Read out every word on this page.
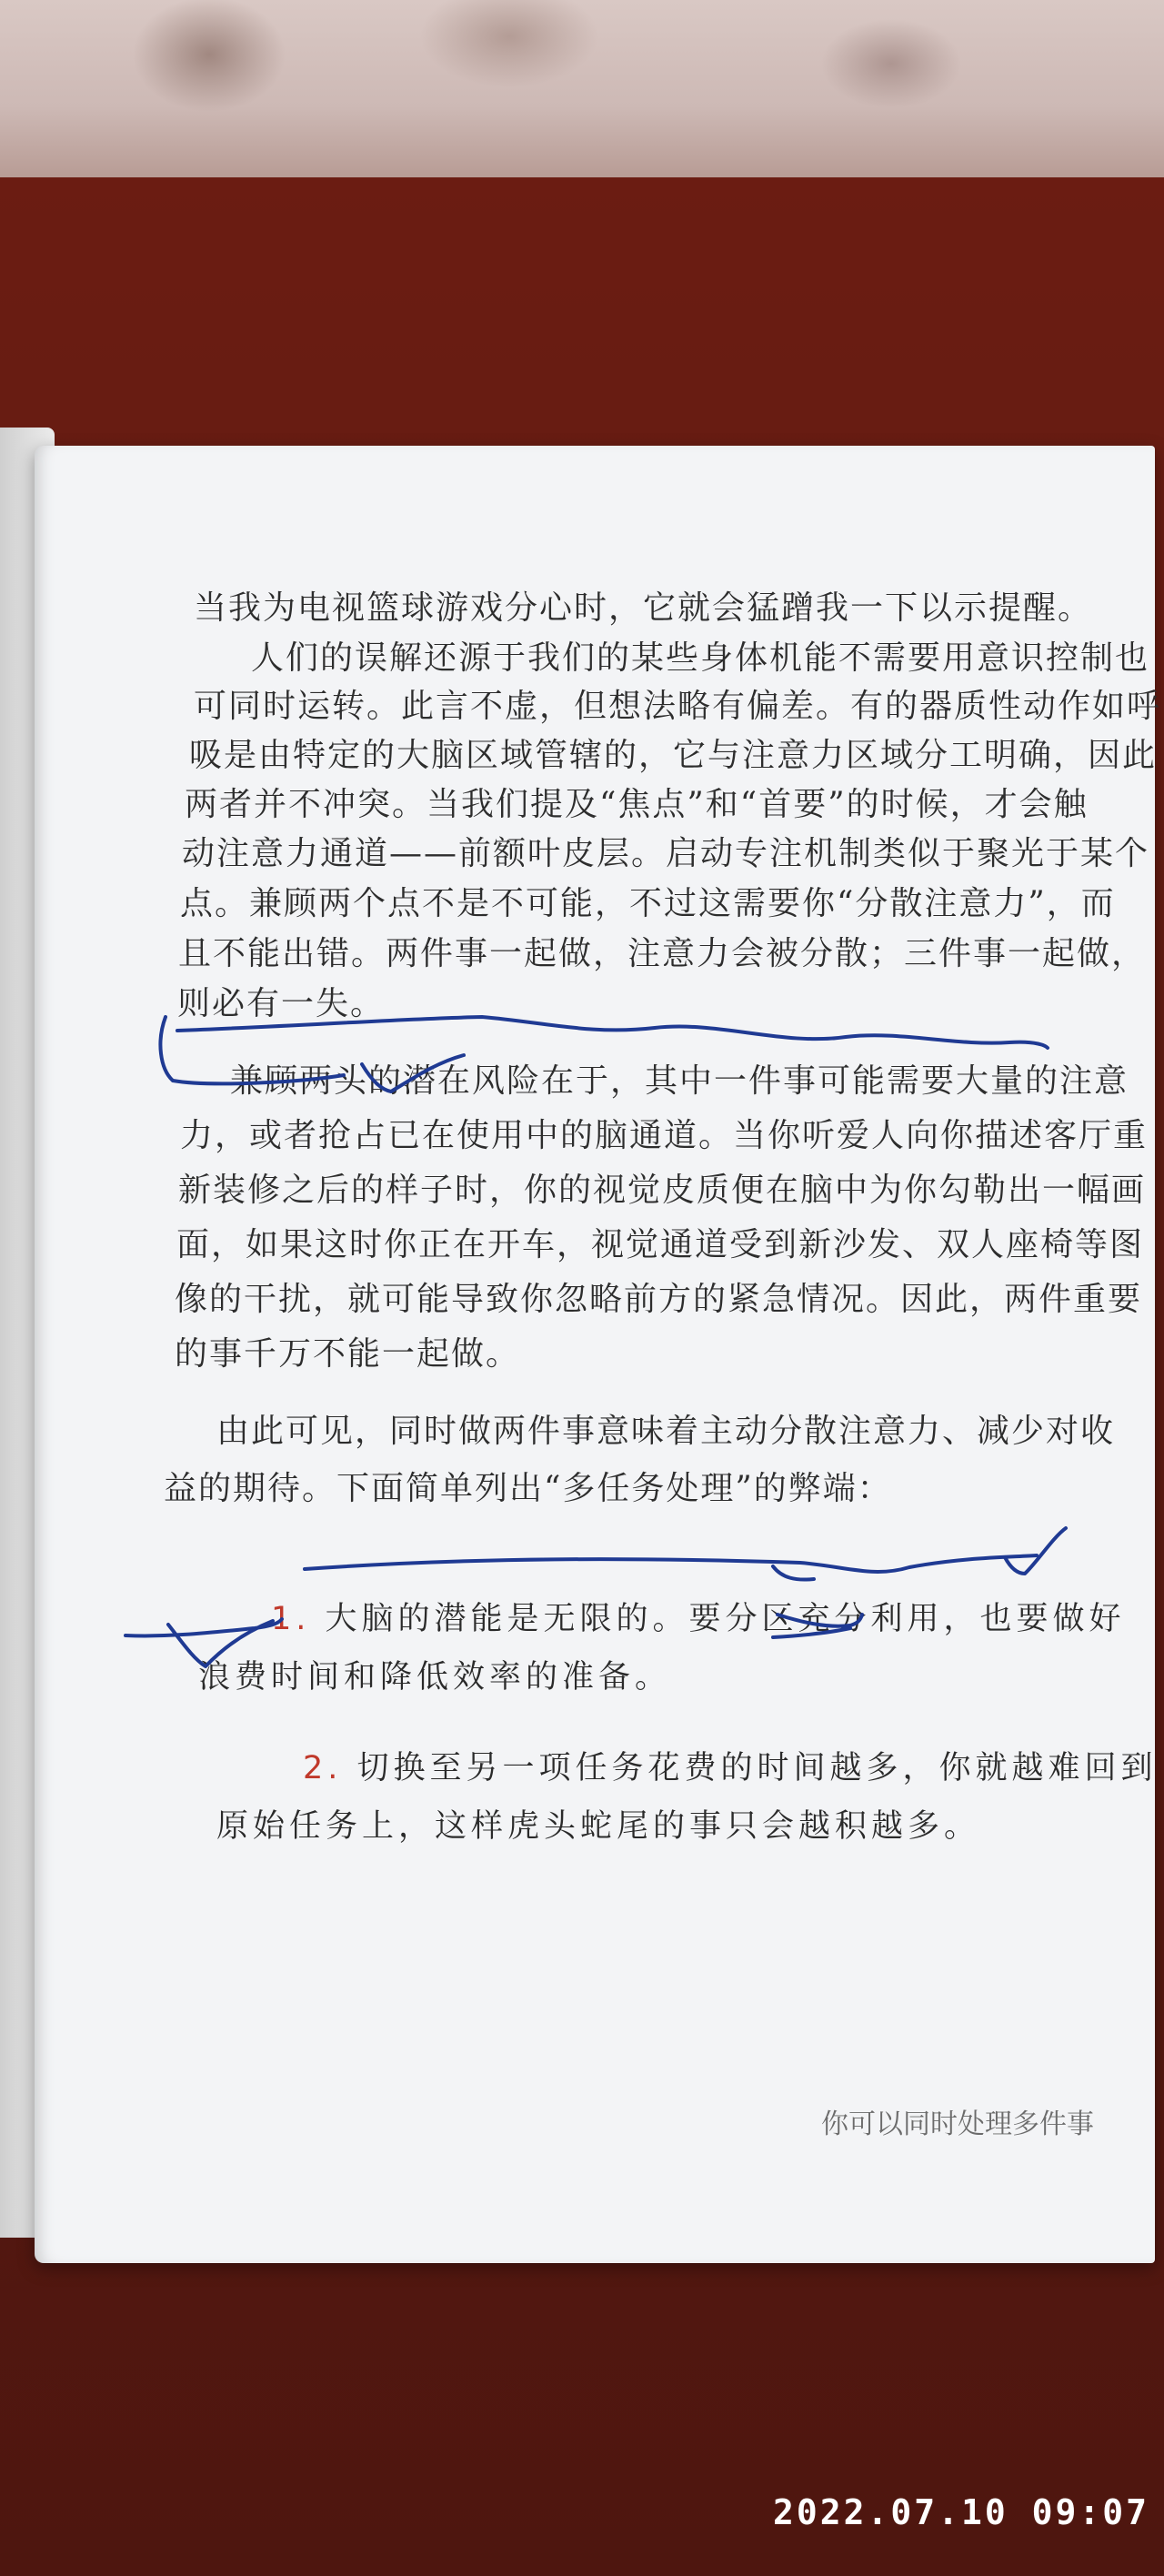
当我为电视篮球游戏分心时，它就会猛蹭我一下以示提醒。
人们的误解还源于我们的某些身体机能不需要用意识控制也
可同时运转。此言不虚，但想法略有偏差。有的器质性动作如呼
吸是由特定的大脑区域管辖的，它与注意力区域分工明确，因此
两者并不冲突。当我们提及“焦点”和“首要”的时候，才会触
动注意力通道——前额叶皮层。启动专注机制类似于聚光于某个
点。兼顾两个点不是不可能，不过这需要你“分散注意力”，而
且不能出错。两件事一起做，注意力会被分散；三件事一起做，
则必有一失。
兼顾两头的潜在风险在于，其中一件事可能需要大量的注意
力，或者抢占已在使用中的脑通道。当你听爱人向你描述客厅重
新装修之后的样子时，你的视觉皮质便在脑中为你勾勒出一幅画
面，如果这时你正在开车，视觉通道受到新沙发、双人座椅等图
像的干扰，就可能导致你忽略前方的紧急情况。因此，两件重要
的事千万不能一起做。
由此可见，同时做两件事意味着主动分散注意力、减少对收
益的期待。下面简单列出“多任务处理”的弊端：
1. 大脑的潜能是无限的。要分区充分利用，也要做好
浪费时间和降低效率的准备。
2. 切换至另一项任务花费的时间越多，你就越难回到
原始任务上，这样虎头蛇尾的事只会越积越多。
你可以同时处理多件事
2022.07.10 09:07
